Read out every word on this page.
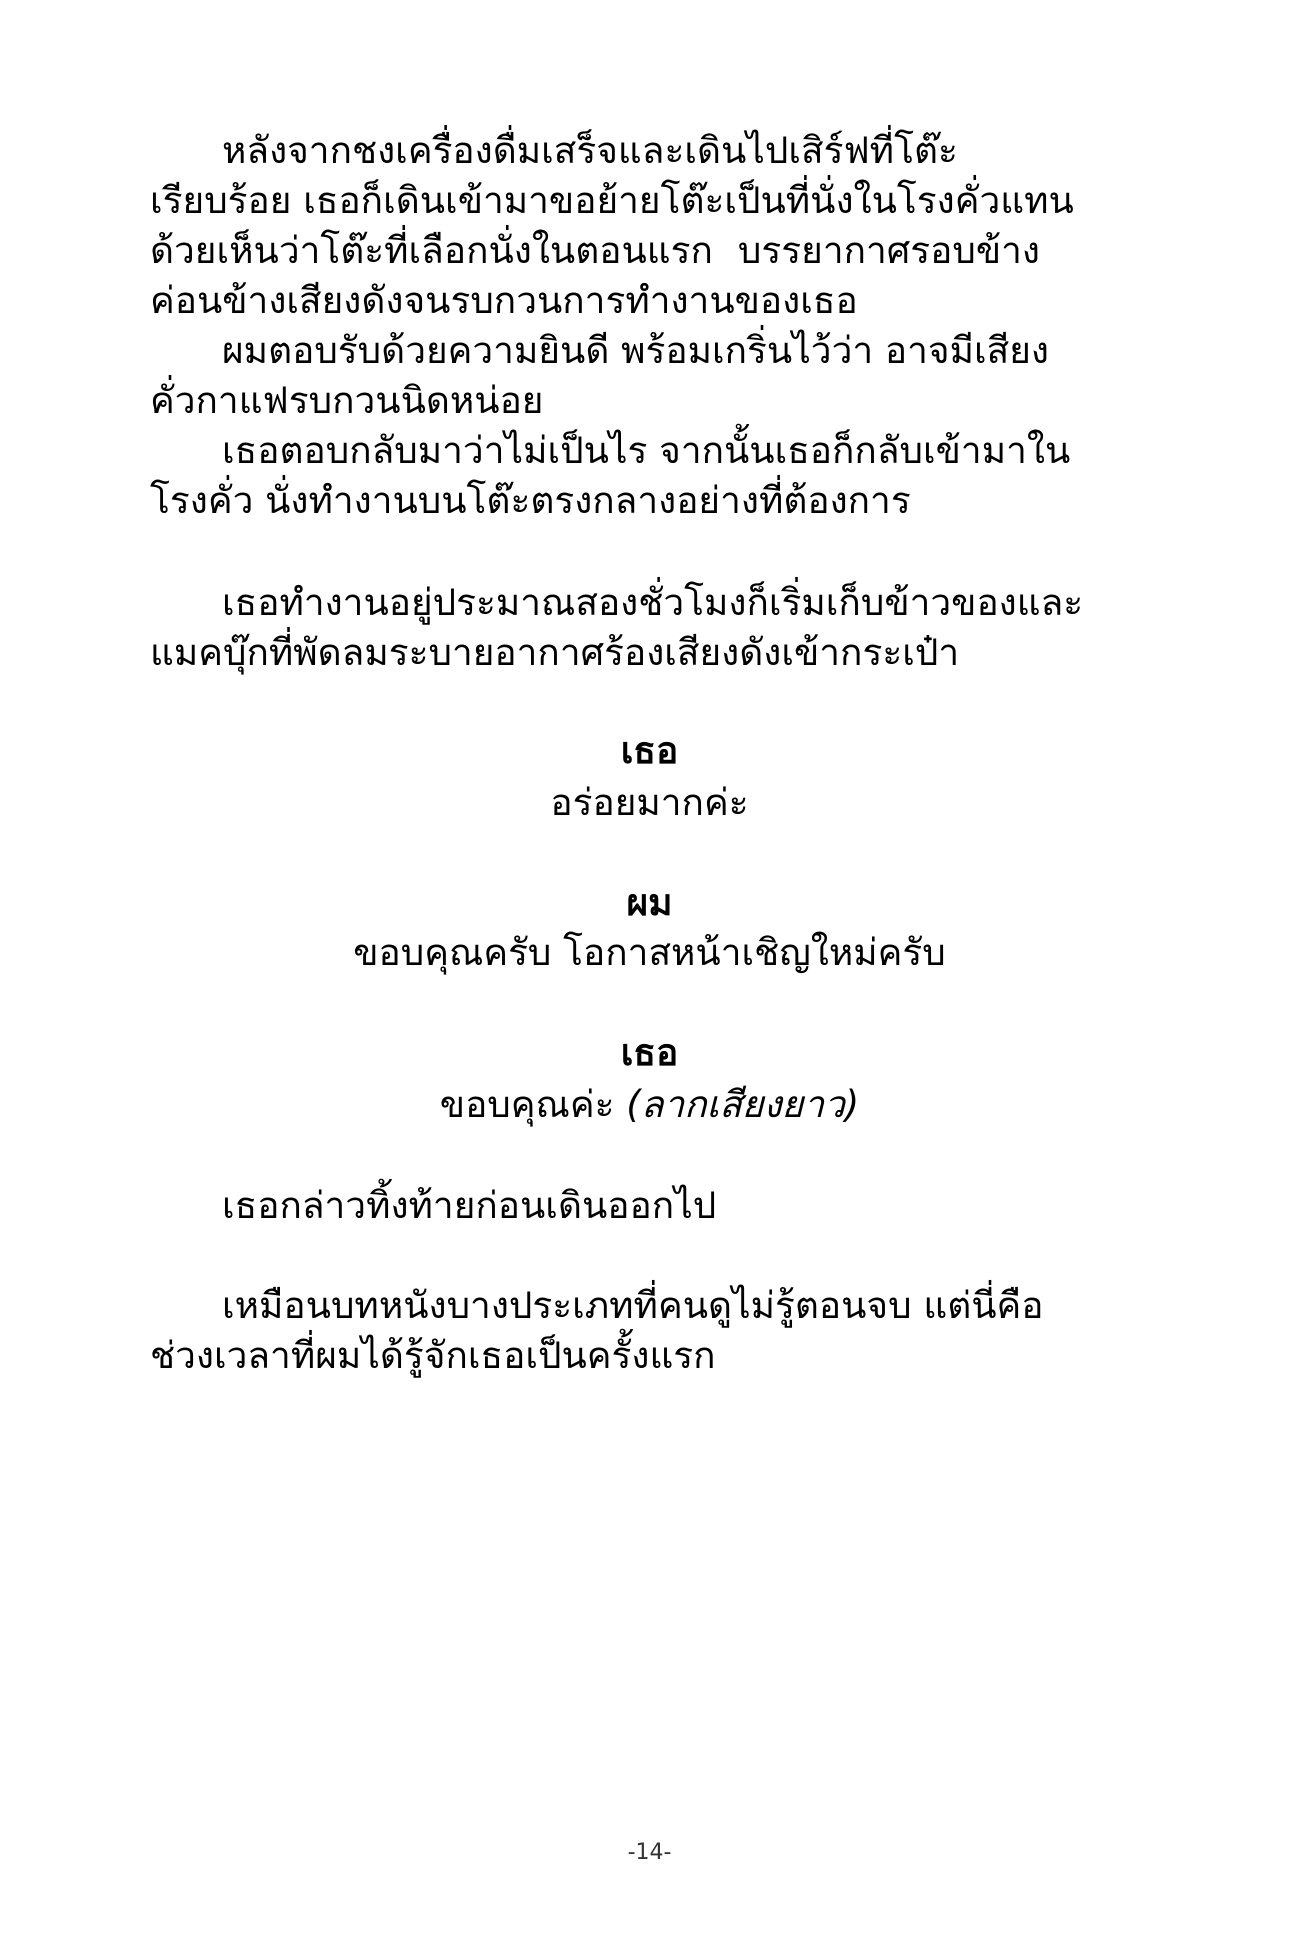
หลังจากชงเครื่องดื่มเสร็จและเดินไปเสิร์ฟที่โต๊ะ
เรียบร้อย เธอก็เดินเข้ามาขอย้ายโต๊ะเป็นที่นั่งในโรงคั่วแทน
ด้วยเห็นว่าโต๊ะที่เลือกนั่งในตอนแรก บรรยากาศรอบข้าง
ค่อนข้างเสียงดังจนรบกวนการทำงานของเธอ
ผมตอบรับด้วยความยินดี พร้อมเกริ่นไว้ว่า อาจมีเสียง
คั่วกาแฟรบกวนนิดหน่อย
เธอตอบกลับมาว่าไม่เป็นไร จากนั้นเธอก็กลับเข้ามาใน
โรงคั่ว นั่งทำงานบนโต๊ะตรงกลางอย่างที่ต้องการ
เธอทำงานอยู่ประมาณสองชั่วโมงก็เริ่มเก็บข้าวของและ
แมคบุ๊กที่พัดลมระบายอากาศร้องเสียงดังเข้ากระเป๋า
เธอ
อร่อยมากค่ะ
ผม
ขอบคุณครับ โอกาสหน้าเชิญใหม่ครับ
เธอ
ขอบคุณค่ะ (ลากเสียงยาว)
เธอกล่าวทิ้งท้ายก่อนเดินออกไป
เหมือนบทหนังบางประเภทที่คนดูไม่รู้ตอนจบ แต่นี่คือ
ช่วงเวลาที่ผมได้รู้จักเธอเป็นครั้งแรก
-14-
